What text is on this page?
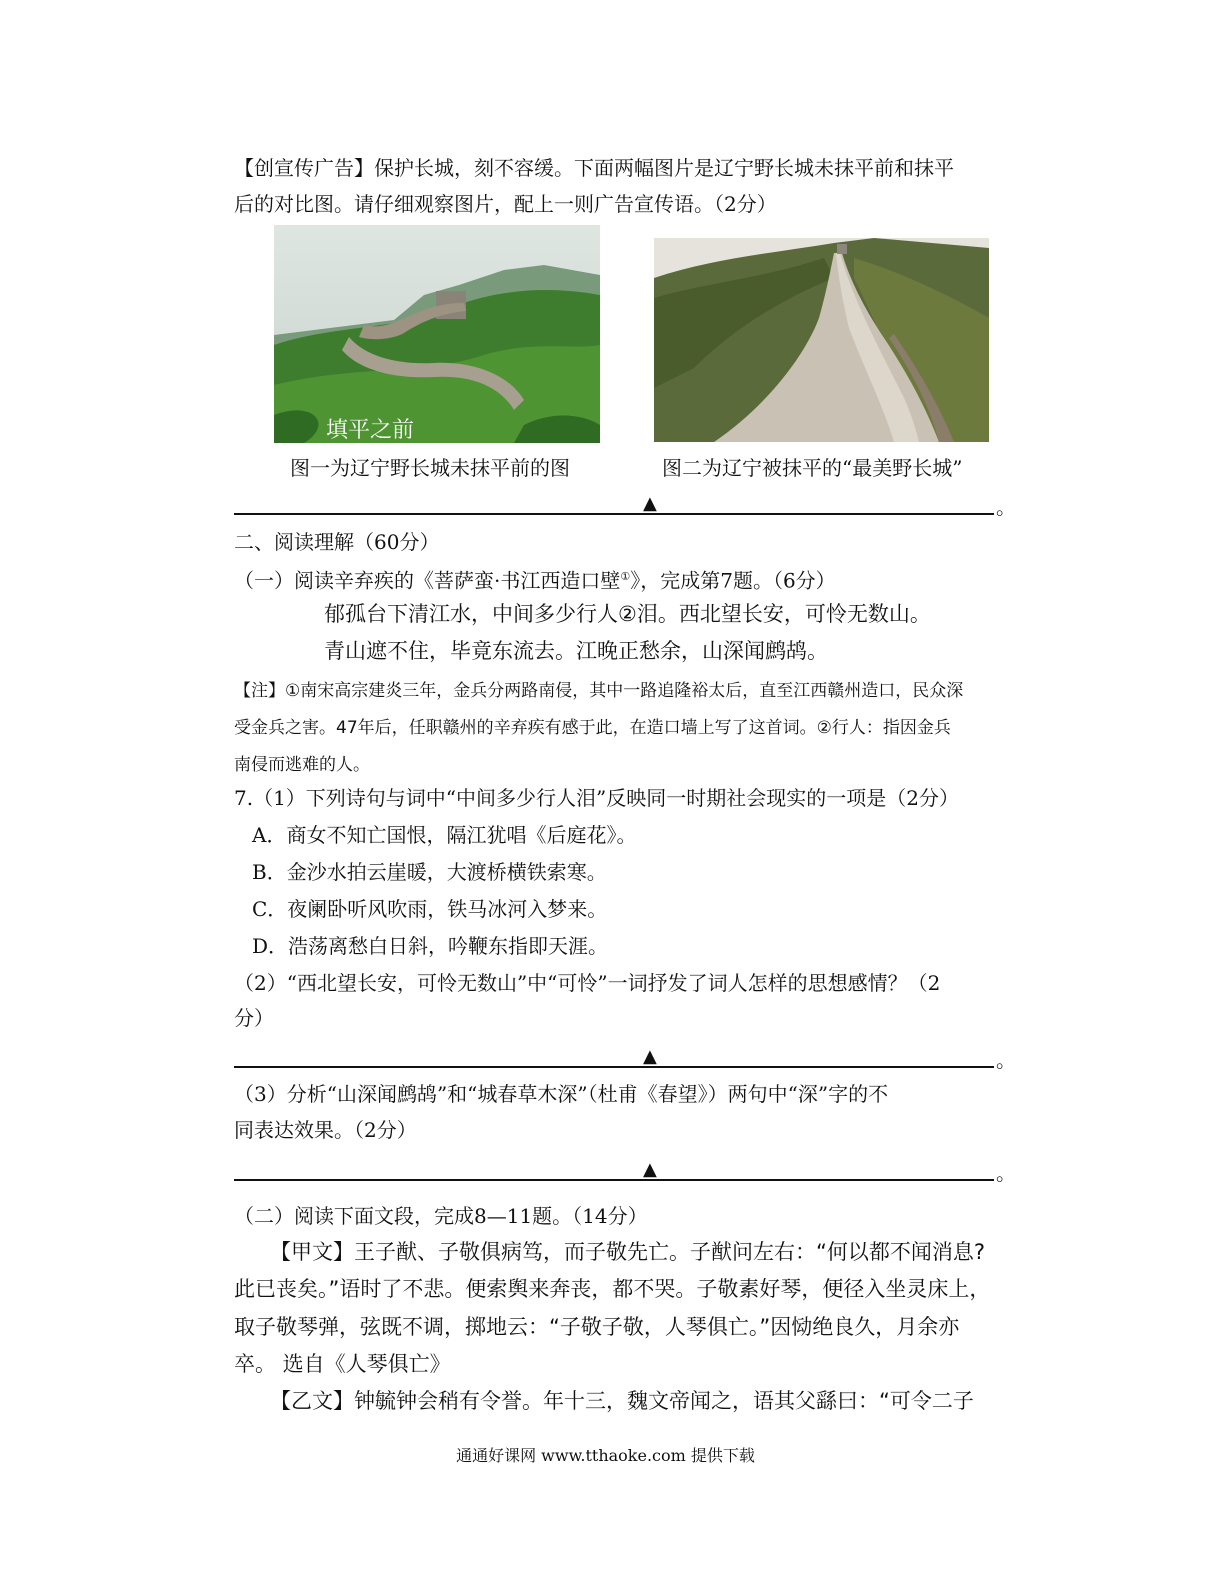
【创宣传广告】保护长城，刻不容缓。下面两幅图片是辽宁野长城未抹平前和抹平
后的对比图。请仔细观察图片，配上一则广告宣传语。（2分）
填平之前
图一为辽宁野长城未抹平前的图	图二为辽宁被抹平的“最美野长城”
▲	。
二、阅读理解（60分）
（一）阅读辛弃疾的《菩萨蛮·书江西造口壁①》，完成第7题。（6分）
郁孤台下清江水，中间多少行人②泪。西北望长安，可怜无数山。
青山遮不住，毕竟东流去。江晚正愁余，山深闻鹧鸪。
【注】①南宋高宗建炎三年，金兵分两路南侵，其中一路追隆裕太后，直至江西赣州造口，民众深
受金兵之害。47年后，任职赣州的辛弃疾有感于此，在造口墙上写了这首词。②行人：指因金兵
南侵而逃难的人。
7.（1）下列诗句与词中“中间多少行人泪”反映同一时期社会现实的一项是（2分）
A．商女不知亡国恨，隔江犹唱《后庭花》。
B．金沙水拍云崖暖，大渡桥横铁索寒。
C．夜阑卧听风吹雨，铁马冰河入梦来。
D．浩荡离愁白日斜，吟鞭东指即天涯。
（2）“西北望长安，可怜无数山”中“可怜”一词抒发了词人怎样的思想感情？（2
分）
▲	。
（3）分析“山深闻鹧鸪”和“城春草木深”（杜甫《春望》）两句中“深”字的不
同表达效果。（2分）
▲	。
（二）阅读下面文段，完成8—11题。（14分）
【甲文】王子猷、子敬俱病笃，而子敬先亡。子猷问左右：“何以都不闻消息?
此已丧矣。”语时了不悲。便索舆来奔丧，都不哭。子敬素好琴，便径入坐灵床上，
取子敬琴弹，弦既不调，掷地云：“子敬子敬，人琴俱亡。”因恸绝良久，月余亦
卒。 选自《人琴俱亡》
【乙文】钟毓钟会稍有令誉。年十三，魏文帝闻之，语其父繇曰：“可令二子
通通好课网 www.tthaoke.com 提供下载
